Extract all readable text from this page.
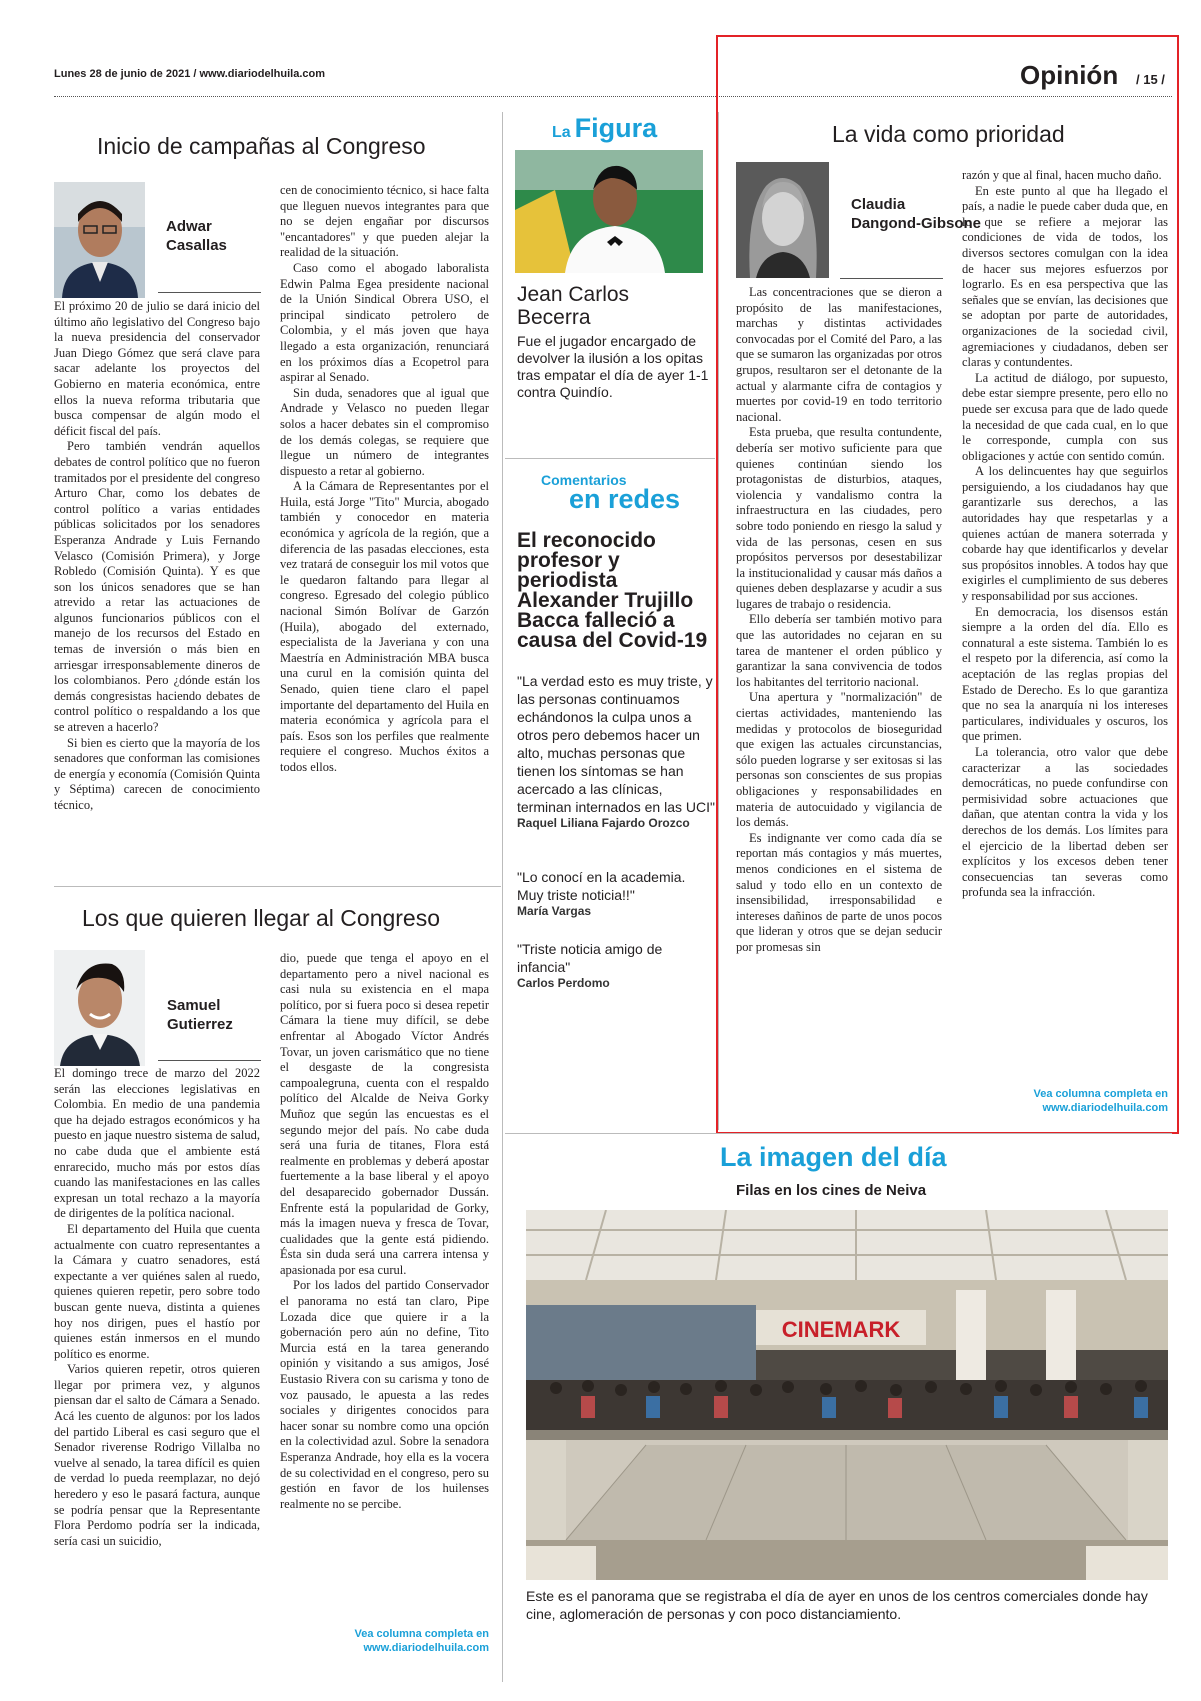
Lunes 28 de junio de 2021 / www.diariodelhuila.com	Opinión / 15 /
Inicio de campañas al Congreso
Adwar
Casallas

El próximo 20 de julio se dará inicio del último año legislativo del Congreso bajo la nueva presidencia del conservador Juan Diego Gómez que será clave para sacar adelante los proyectos del Gobierno en materia económica, entre ellos la nueva reforma tributaria que busca compensar de algún modo el déficit fiscal del país.

Pero también vendrán aquellos debates de control político que no fueron tramitados por el presidente del congreso Arturo Char, como los debates de control político a varias entidades públicas solicitados por los senadores Esperanza Andrade y Luis Fernando Velasco (Comisión Primera), y Jorge Robledo (Comisión Quinta). Y es que son los únicos senadores que se han atrevido a retar las actuaciones de algunos funcionarios públicos con el manejo de los recursos del Estado en temas de inversión o más bien en arriesgar irresponsablemente dineros de los colombianos. Pero ¿dónde están los demás congresistas haciendo debates de control político o respaldando a los que se atreven a hacerlo?

Si bien es cierto que la mayoría de los senadores que conforman las comisiones de energía y economía (Comisión Quinta y Séptima) carecen de conocimiento técnico,

cen de conocimiento técnico, si hace falta que lleguen nuevos integrantes para que no se dejen engañar por discursos "encantadores" y que pueden alejar la realidad de la situación.

Caso como el abogado laboralista Edwin Palma Egea presidente nacional de la Unión Sindical Obrera USO, el principal sindicato petrolero de Colombia, y el más joven que haya llegado a esta organización, renunciará en los próximos días a Ecopetrol para aspirar al Senado.

Sin duda, senadores que al igual que Andrade y Velasco no pueden llegar solos a hacer debates sin el compromiso de los demás colegas, se requiere que llegue un número de integrantes dispuesto a retar al gobierno.

A la Cámara de Representantes por el Huila, está Jorge "Tito" Murcia, abogado también y conocedor en materia económica y agrícola de la región, que a diferencia de las pasadas elecciones, esta vez tratará de conseguir los mil votos que le quedaron faltando para llegar al congreso. Egresado del colegio público nacional Simón Bolívar de Garzón (Huila), abogado del externado, especialista de la Javeriana y con una Maestría en Administración MBA busca una curul en la comisión quinta del Senado, quien tiene claro el papel importante del departamento del Huila en materia económica y agrícola para el país. Esos son los perfiles que realmente requiere el congreso. Muchos éxitos a todos ellos.

Los que quieren llegar al Congreso
Samuel
Gutierrez

El domingo trece de marzo del 2022 serán las elecciones legislativas en Colombia. En medio de una pandemia que ha dejado estragos económicos y ha puesto en jaque nuestro sistema de salud, no cabe duda que el ambiente está enrarecido, mucho más por estos días cuando las manifestaciones en las calles expresan un total rechazo a la mayoría de dirigentes de la política nacional.

El departamento del Huila que cuenta actualmente con cuatro representantes a la Cámara y cuatro senadores, está expectante a ver quiénes salen al ruedo, quienes quieren repetir, pero sobre todo buscan gente nueva, distinta a quienes hoy nos dirigen, pues el hastío por quienes están inmersos en el mundo político es enorme.

Varios quieren repetir, otros quieren llegar por primera vez, y algunos piensan dar el salto de Cámara a Senado. Acá les cuento de algunos: por los lados del partido Liberal es casi seguro que el Senador riverense Rodrigo Villalba no vuelve al senado, la tarea difícil es quien de verdad lo pueda reemplazar, no dejó heredero y eso le pasará factura, aunque se podría pensar que la Representante Flora Perdomo podría ser la indicada, sería casi un suicidio,

dio, puede que tenga el apoyo en el departamento pero a nivel nacional es casi nula su existencia en el mapa político, por si fuera poco si desea repetir Cámara la tiene muy difícil, se debe enfrentar al Abogado Víctor Andrés Tovar, un joven carismático que no tiene el desgaste de la congresista campoalegruna, cuenta con el respaldo político del Alcalde de Neiva Gorky Muñoz que según las encuestas es el segundo mejor del país. No cabe duda será una furia de titanes, Flora está realmente en problemas y deberá apostar fuertemente a la base liberal y el apoyo del desaparecido gobernador Dussán. Enfrente está la popularidad de Gorky, más la imagen nueva y fresca de Tovar, cualidades que la gente está pidiendo. Ésta sin duda será una carrera intensa y apasionada por esa curul.

Por los lados del partido Conservador el panorama no está tan claro, Pipe Lozada dice que quiere ir a la gobernación pero aún no define, Tito Murcia está en la tarea generando opinión y visitando a sus amigos, José Eustasio Rivera con su carisma y tono de voz pausado, le apuesta a las redes sociales y dirigentes conocidos para hacer sonar su nombre como una opción en la colectividad azul. Sobre la senadora Esperanza Andrade, hoy ella es la vocera de su colectividad en el congreso, pero su gestión en favor de los huilenses realmente no se percibe.

Vea columna completa en
www.diariodelhuila.com
La Figura
Jean Carlos Becerra
Fue el jugador encargado de devolver la ilusión a los opitas tras empatar el día de ayer 1-1 contra Quindío.
Comentarios
en redes
El reconocido profesor y periodista Alexander Trujillo Bacca falleció a causa del Covid-19
"La verdad esto es muy triste, y las personas continuamos echándonos la culpa unos a otros pero debemos hacer un alto, muchas personas que tienen los síntomas se han acercado a las clínicas, terminan internados en las UCI"
Raquel Liliana Fajardo Orozco
"Lo conocí en la academia. Muy triste noticia!!"
María Vargas
"Triste noticia amigo de infancia"
Carlos Perdomo
La vida como prioridad
Claudia
Dangond-Gibsone

Las concentraciones que se dieron a propósito de las manifestaciones, marchas y distintas actividades convocadas por el Comité del Paro, a las que se sumaron las organizadas por otros grupos, resultaron ser el detonante de la actual y alarmante cifra de contagios y muertes por covid-19 en todo territorio nacional.

Esta prueba, que resulta contundente, debería ser motivo suficiente para que quienes continúan siendo los protagonistas de disturbios, ataques, violencia y vandalismo contra la infraestructura en las ciudades, pero sobre todo poniendo en riesgo la salud y vida de las personas, cesen en sus propósitos perversos por desestabilizar la institucionalidad y causar más daños a quienes deben desplazarse y acudir a sus lugares de trabajo o residencia.

Ello debería ser también motivo para que las autoridades no cejaran en su tarea de mantener el orden público y garantizar la sana convivencia de todos los habitantes del territorio nacional.

Una apertura y "normalización" de ciertas actividades, manteniendo las medidas y protocolos de bioseguridad que exigen las actuales circunstancias, sólo pueden lograrse y ser exitosas si las personas son conscientes de sus propias obligaciones y responsabilidades en materia de autocuidado y vigilancia de los demás.

Es indignante ver como cada día se reportan más contagios y más muertes, menos condiciones en el sistema de salud y todo ello en un contexto de insensibilidad, irresponsabilidad e intereses dañinos de parte de unos pocos que lideran y otros que se dejan seducir por promesas sin

razón y que al final, hacen mucho daño.

En este punto al que ha llegado el país, a nadie le puede caber duda que, en lo que se refiere a mejorar las condiciones de vida de todos, los diversos sectores comulgan con la idea de hacer sus mejores esfuerzos por lograrlo. Es en esa perspectiva que las señales que se envían, las decisiones que se adoptan por parte de autoridades, organizaciones de la sociedad civil, agremiaciones y ciudadanos, deben ser claras y contundentes.

La actitud de diálogo, por supuesto, debe estar siempre presente, pero ello no puede ser excusa para que de lado quede la necesidad de que cada cual, en lo que le corresponde, cumpla con sus obligaciones y actúe con sentido común.

A los delincuentes hay que seguirlos persiguiendo, a los ciudadanos hay que garantizarle sus derechos, a las autoridades hay que respetarlas y a quienes actúan de manera soterrada y cobarde hay que identificarlos y develar sus propósitos innobles. A todos hay que exigirles el cumplimiento de sus deberes y responsabilidad por sus acciones.

En democracia, los disensos están siempre a la orden del día. Ello es connatural a este sistema. También lo es el respeto por la diferencia, así como la aceptación de las reglas propias del Estado de Derecho. Es lo que garantiza que no sea la anarquía ni los intereses particulares, individuales y oscuros, los que primen.

La tolerancia, otro valor que debe caracterizar a las sociedades democráticas, no puede confundirse con permisividad sobre actuaciones que dañan, que atentan contra la vida y los derechos de los demás. Los límites para el ejercicio de la libertad deben ser explícitos y los excesos deben tener consecuencias tan severas como profunda sea la infracción.

Vea columna completa en
www.diariodelhuila.com
La imagen del día
Filas en los cines de Neiva
CINEMARK
Este es el panorama que se registraba el día de ayer en unos de los centros comerciales donde hay cine, aglomeración de personas y con poco distanciamiento.
